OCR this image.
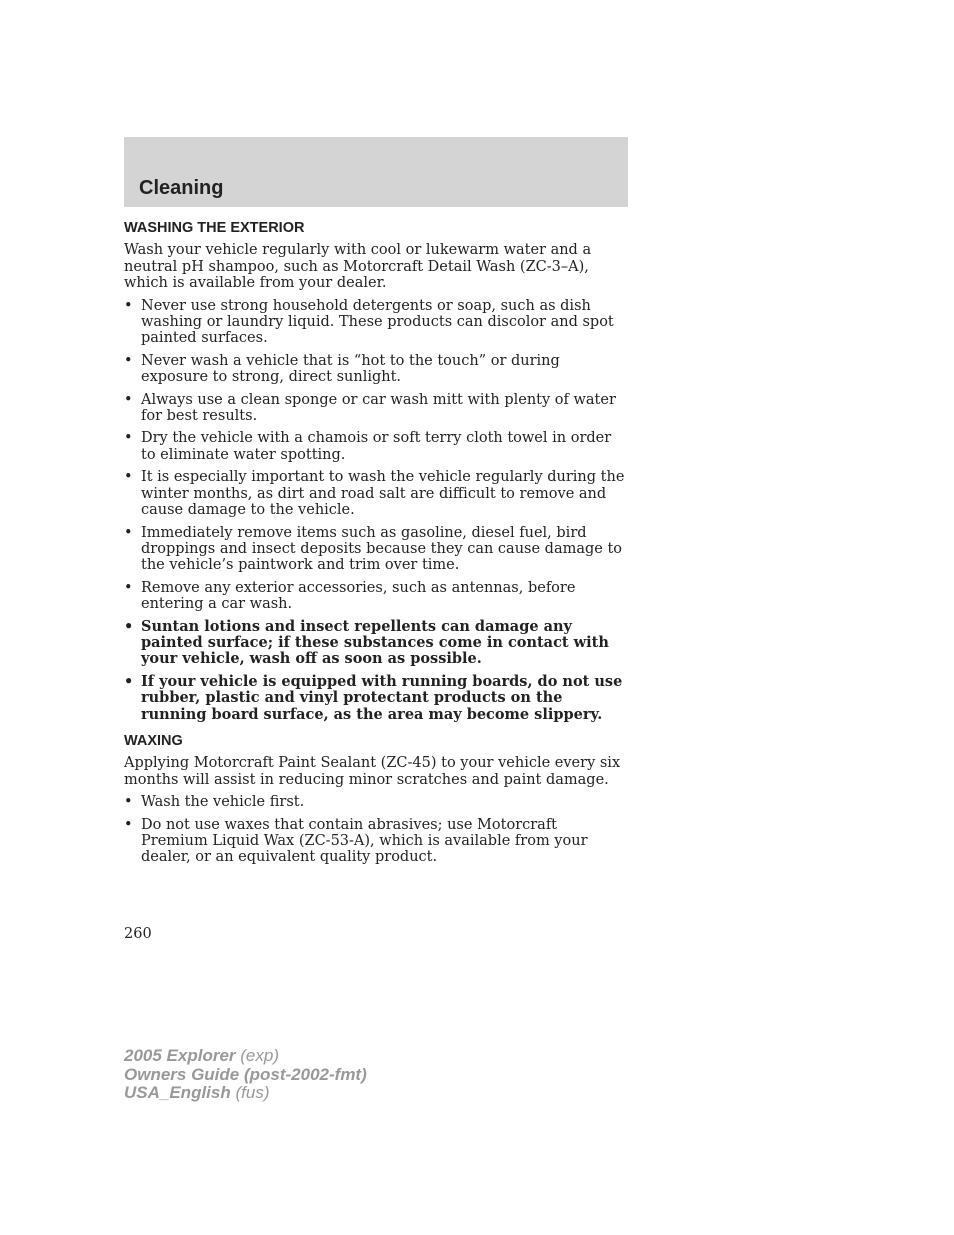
Cleaning
WASHING THE EXTERIOR

Wash your vehicle regularly with cool or lukewarm water and a neutral pH shampoo, such as Motorcraft Detail Wash (ZC-3–A), which is available from your dealer.

• Never use strong household detergents or soap, such as dish washing or laundry liquid. These products can discolor and spot painted surfaces.
• Never wash a vehicle that is “hot to the touch” or during exposure to strong, direct sunlight.
• Always use a clean sponge or car wash mitt with plenty of water for best results.
• Dry the vehicle with a chamois or soft terry cloth towel in order to eliminate water spotting.
• It is especially important to wash the vehicle regularly during the winter months, as dirt and road salt are difficult to remove and cause damage to the vehicle.
• Immediately remove items such as gasoline, diesel fuel, bird droppings and insect deposits because they can cause damage to the vehicle’s paintwork and trim over time.
• Remove any exterior accessories, such as antennas, before entering a car wash.
• Suntan lotions and insect repellents can damage any painted surface; if these substances come in contact with your vehicle, wash off as soon as possible.
• If your vehicle is equipped with running boards, do not use rubber, plastic and vinyl protectant products on the running board surface, as the area may become slippery.
WAXING

Applying Motorcraft Paint Sealant (ZC-45) to your vehicle every six months will assist in reducing minor scratches and paint damage.

• Wash the vehicle first.
• Do not use waxes that contain abrasives; use Motorcraft Premium Liquid Wax (ZC-53-A), which is available from your dealer, or an equivalent quality product.
260
2005 Explorer (exp)
Owners Guide (post-2002-fmt)
USA_English (fus)
